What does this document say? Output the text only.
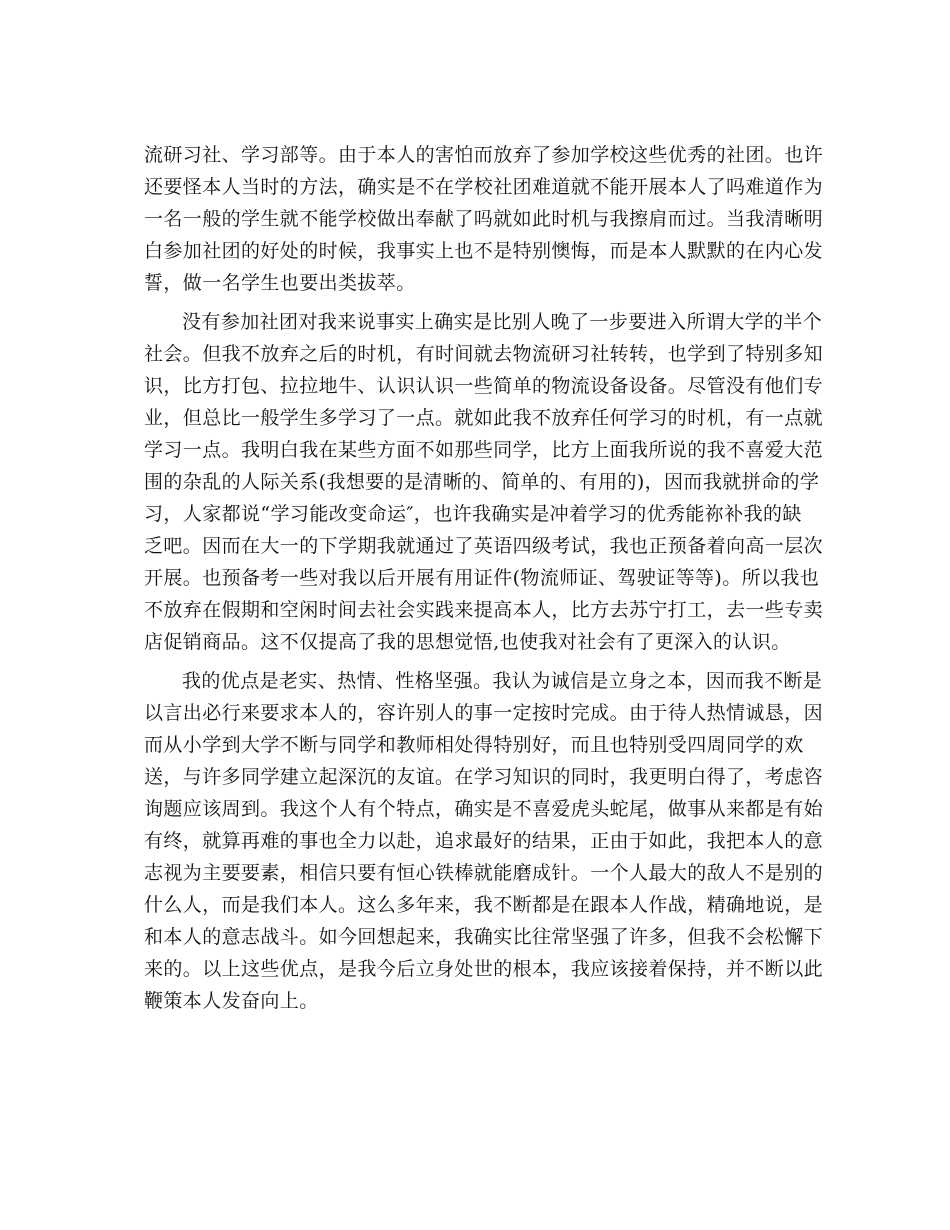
流研习社、学习部等。由于本人的害怕而放弃了参加学校这些优秀的社团。也许
还要怪本人当时的方法，确实是不在学校社团难道就不能开展本人了吗难道作为
一名一般的学生就不能学校做出奉献了吗就如此时机与我擦肩而过。当我清晰明
白参加社团的好处的时候，我事实上也不是特别懊悔，而是本人默默的在内心发
誓，做一名学生也要出类拔萃。
没有参加社团对我来说事实上确实是比别人晚了一步要进入所谓大学的半个
社会。但我不放弃之后的时机，有时间就去物流研习社转转，也学到了特别多知
识，比方打包、拉拉地牛、认识认识一些简单的物流设备设备。尽管没有他们专
业，但总比一般学生多学习了一点。就如此我不放弃任何学习的时机，有一点就
学习一点。我明白我在某些方面不如那些同学，比方上面我所说的我不喜爱大范
围的杂乱的人际关系(我想要的是清晰的、简单的、有用的)，因而我就拼命的学
习，人家都说“学习能改变命运″，也许我确实是冲着学习的优秀能祢补我的缺
乏吧。因而在大一的下学期我就通过了英语四级考试，我也正预备着向高一层次
开展。也预备考一些对我以后开展有用证件(物流师证、驾驶证等等)。所以我也
不放弃在假期和空闲时间去社会实践来提高本人，比方去苏宁打工，去一些专卖
店促销商品。这不仅提高了我的思想觉悟,也使我对社会有了更深入的认识。
我的优点是老实、热情、性格坚强。我认为诚信是立身之本，因而我不断是
以言出必行来要求本人的，容许别人的事一定按时完成。由于待人热情诚恳，因
而从小学到大学不断与同学和教师相处得特别好，而且也特别受四周同学的欢
送，与许多同学建立起深沉的友谊。在学习知识的同时，我更明白得了，考虑咨
询题应该周到。我这个人有个特点，确实是不喜爱虎头蛇尾，做事从来都是有始
有终，就算再难的事也全力以赴，追求最好的结果，正由于如此，我把本人的意
志视为主要要素，相信只要有恒心铁棒就能磨成针。一个人最大的敌人不是别的
什么人，而是我们本人。这么多年来，我不断都是在跟本人作战，精确地说，是
和本人的意志战斗。如今回想起来，我确实比往常坚强了许多，但我不会松懈下
来的。以上这些优点，是我今后立身处世的根本，我应该接着保持，并不断以此
鞭策本人发奋向上。
